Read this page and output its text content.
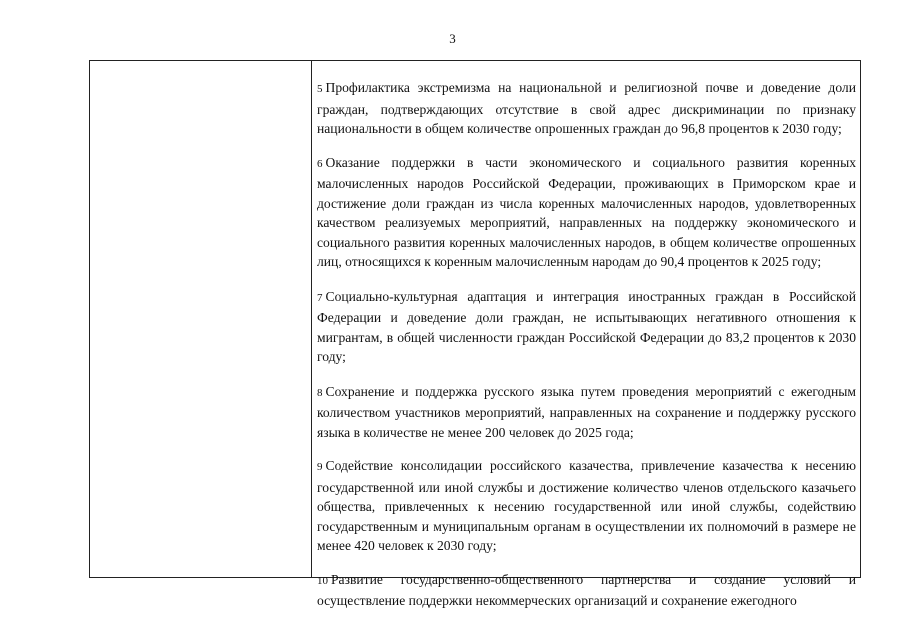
3
5 Профилактика экстремизма на национальной и религиозной почве и доведение доли граждан, подтверждающих отсутствие в свой адрес дискриминации по признаку национальности в общем количестве опрошенных граждан до 96,8 процентов к 2030 году;
6 Оказание поддержки в части экономического и социального развития коренных малочисленных народов Российской Федерации, проживающих в Приморском крае и достижение доли граждан из числа коренных малочисленных народов, удовлетворенных качеством реализуемых мероприятий, направленных на поддержку экономического и социального развития коренных малочисленных народов, в общем количестве опрошенных лиц, относящихся к коренным малочисленным народам до 90,4 процентов к 2025 году;
7 Социально-культурная адаптация и интеграция иностранных граждан в Российской Федерации и доведение доли граждан, не испытывающих негативного отношения к мигрантам, в общей численности граждан Российской Федерации до 83,2 процентов к 2030 году;
8 Сохранение и поддержка русского языка путем проведения мероприятий с ежегодным количеством участников мероприятий, направленных на сохранение и поддержку русского языка в количестве не менее 200 человек до 2025 года;
9 Содействие консолидации российского казачества, привлечение казачества к несению государственной или иной службы и достижение количество членов отдельского казачьего общества, привлеченных к несению государственной или иной службы, содействию государственным и муниципальным органам в осуществлении их полномочий в размере не менее 420 человек к 2030 году;
10 Развитие государственно-общественного партнерства и создание условий и осуществление поддержки некоммерческих организаций и сохранение ежегодного
